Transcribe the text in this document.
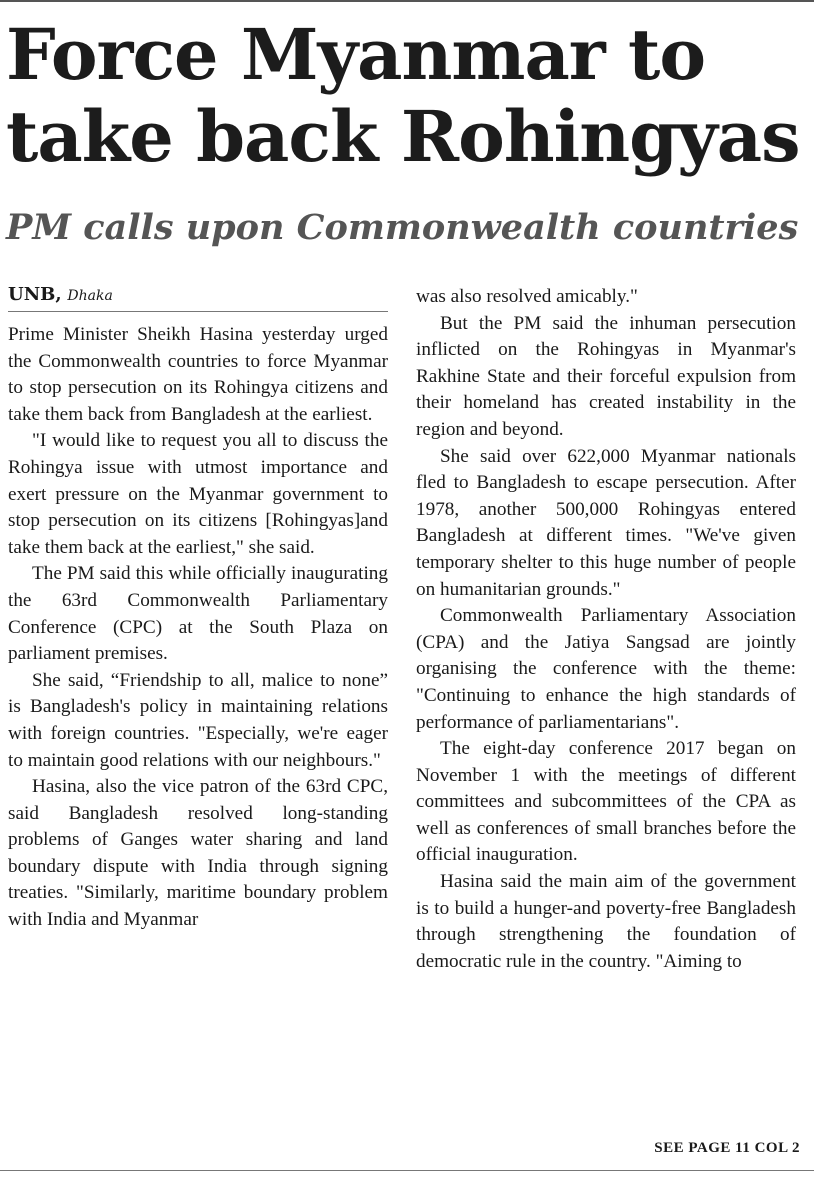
Force Myanmar to take back Rohingyas
PM calls upon Commonwealth countries
UNB, Dhaka

Prime Minister Sheikh Hasina yesterday urged the Commonwealth countries to force Myanmar to stop persecution on its Rohingya citizens and take them back from Bangladesh at the earliest.

"I would like to request you all to discuss the Rohingya issue with utmost importance and exert pressure on the Myanmar government to stop persecution on its citizens [Rohingyas]and take them back at the earliest," she said.

The PM said this while officially inaugurating the 63rd Commonwealth Parliamentary Conference (CPC) at the South Plaza on parliament premises.

She said, “Friendship to all, malice to none” is Bangladesh's policy in maintaining relations with foreign countries. "Especially, we're eager to maintain good relations with our neighbours."

Hasina, also the vice patron of the 63rd CPC, said Bangladesh resolved long-standing problems of Ganges water sharing and land boundary dispute with India through signing treaties. "Similarly, maritime boundary problem with India and Myanmar

was also resolved amicably."

But the PM said the inhuman persecution inflicted on the Rohingyas in Myanmar's Rakhine State and their forceful expulsion from their homeland has created instability in the region and beyond.

She said over 622,000 Myanmar nationals fled to Bangladesh to escape persecution. After 1978, another 500,000 Rohingyas entered Bangladesh at different times. "We've given temporary shelter to this huge number of people on humanitarian grounds."

Commonwealth Parliamentary Association (CPA) and the Jatiya Sangsad are jointly organising the conference with the theme: "Continuing to enhance the high standards of performance of parliamentarians".

The eight-day conference 2017 began on November 1 with the meetings of different committees and subcommittees of the CPA as well as conferences of small branches before the official inauguration.

Hasina said the main aim of the government is to build a hunger-and poverty-free Bangladesh through strengthening the foundation of democratic rule in the country. "Aiming to

SEE PAGE 11 COL 2
